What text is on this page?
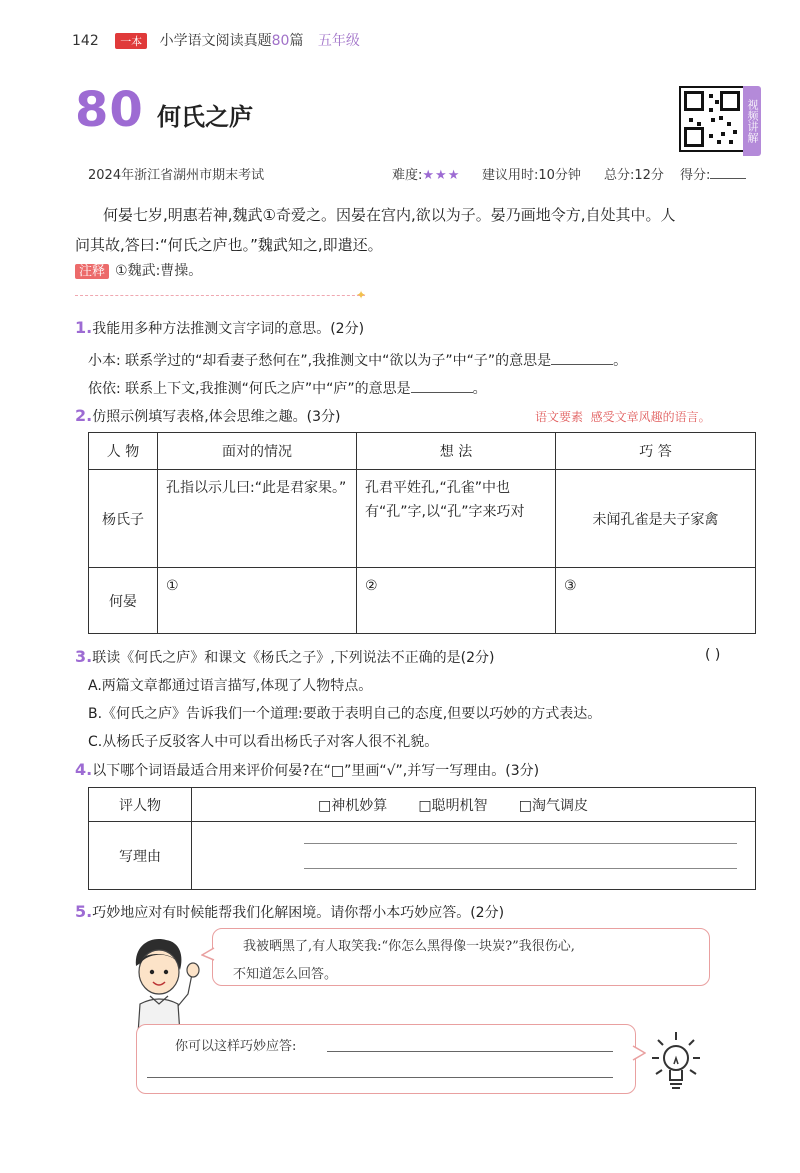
142 一本 小学语文阅读真题80篇 五年级
80 何氏之庐	视频讲解
2024年浙江省湖州市期末考试	难度:★★★ 建议用时:10分钟 总分:12分 得分:
何晏七岁,明惠若神,魏武①奇爱之。因晏在宫内,欲以为子。晏乃画地令方,自处其中。人
问其故,答曰:“何氏之庐也。”魏武知之,即遣还。
注释 ①魏武:曹操。
✦
1.我能用多种方法推测文言字词的意思。(2分)
小本: 联系学过的“却看妻子愁何在”,我推测文中“欲以为子”中“子”的意思是	。
依依: 联系上下文,我推测“何氏之庐”中“庐”的意思是	。
2.仿照示例填写表格,体会思维之趣。(3分)	语文要素 感受文章风趣的语言。
人 物	面对的情况	想 法	巧 答
杨氏子	孔指以示儿曰:“此是君家果。”	孔君平姓孔,“孔雀”中也有“孔”字,以“孔”字来巧对	未闻孔雀是夫子家禽
何晏	①	②	③
3.联读《何氏之庐》和课文《杨氏之子》,下列说法不正确的是(2分)	( )
A.两篇文章都通过语言描写,体现了人物特点。
B.《何氏之庐》告诉我们一个道理:要敢于表明自己的态度,但要以巧妙的方式表达。
C.从杨氏子反驳客人中可以看出杨氏子对客人很不礼貌。
4.以下哪个词语最适合用来评价何晏?在“□”里画“√”,并写一写理由。(3分)
评人物	□神机妙算 □聪明机智 □淘气调皮
写理由	
5.巧妙地应对有时候能帮我们化解困境。请你帮小本巧妙应答。(2分)
我被晒黑了,有人取笑我:“你怎么黑得像一块炭?”我很伤心,
不知道怎么回答。
你可以这样巧妙应答:
